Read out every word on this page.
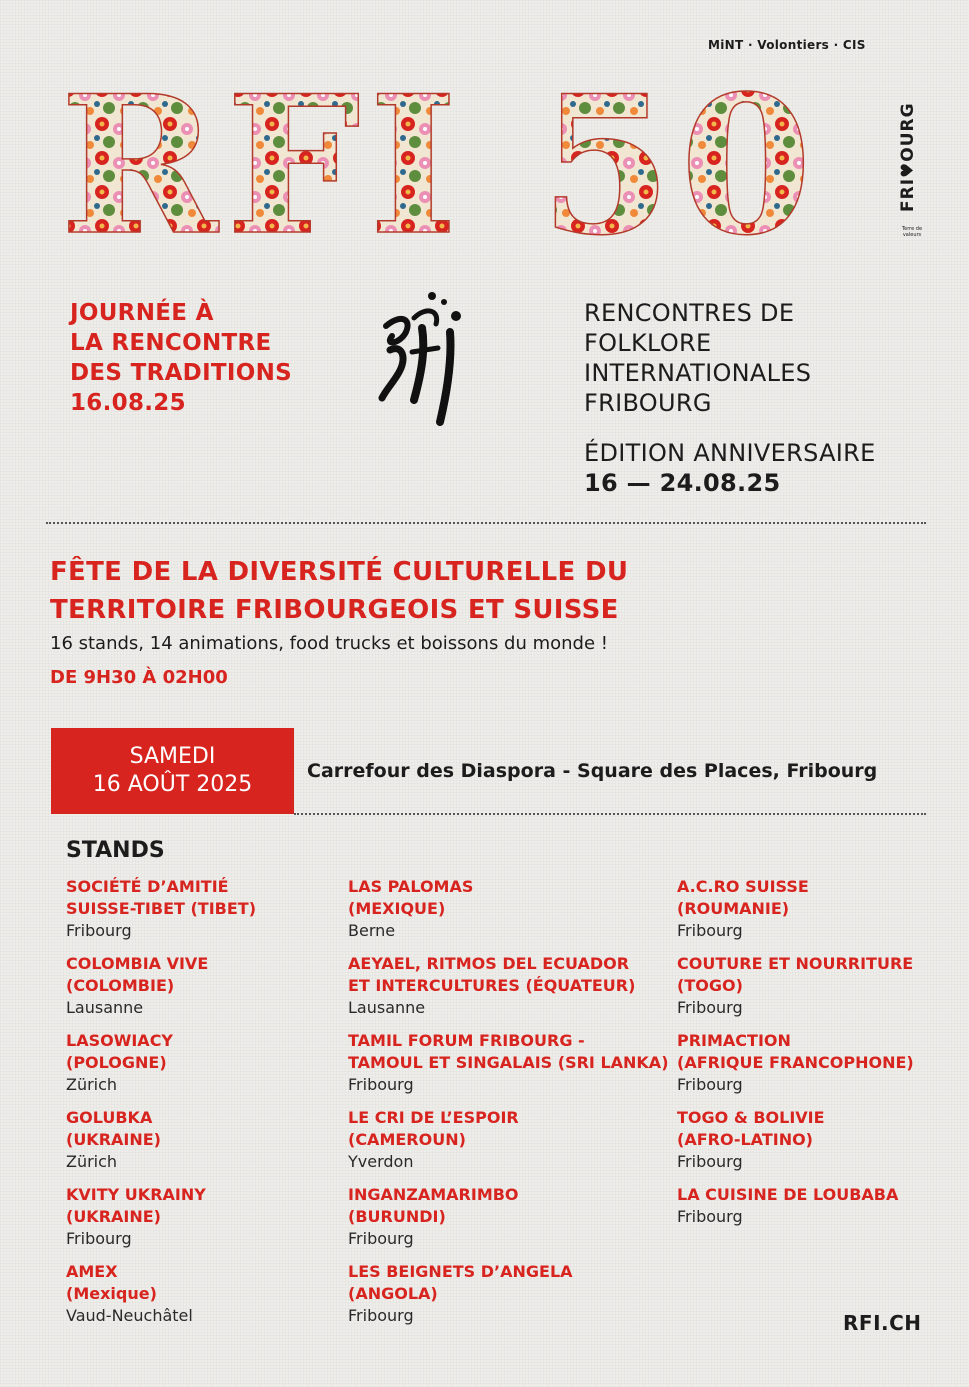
MiNT · Volontiers · CIS
RFI 50	FRI♥OURG
Terre de valeurs
JOURNÉE À
LA RENCONTRE
DES TRADITIONS
16.08.25
RENCONTRES DE
FOLKLORE
INTERNATIONALES
FRIBOURG
ÉDITION ANNIVERSAIRE
16 — 24.08.25
FÊTE DE LA DIVERSITÉ CULTURELLE DU
TERRITOIRE FRIBOURGEOIS ET SUISSE
16 stands, 14 animations, food trucks et boissons du monde !
DE 9H30 À 02H00
SAMEDI
16 AOÛT 2025
Carrefour des Diaspora - Square des Places, Fribourg
STANDS
SOCIÉTÉ D’AMITIÉ
SUISSE-TIBET (TIBET)
Fribourg
COLOMBIA VIVE
(COLOMBIE)
Lausanne
LASOWIACY
(POLOGNE)
Zürich
GOLUBKA
(UKRAINE)
Zürich
KVITY UKRAINY
(UKRAINE)
Fribourg
AMEX
(Mexique)
Vaud-Neuchâtel
LAS PALOMAS
(MEXIQUE)
Berne
AEYAEL, RITMOS DEL ECUADOR
ET INTERCULTURES (ÉQUATEUR)
Lausanne
TAMIL FORUM FRIBOURG -
TAMOUL ET SINGALAIS (SRI LANKA)
Fribourg
LE CRI DE L’ESPOIR
(CAMEROUN)
Yverdon
INGANZAMARIMBO
(BURUNDI)
Fribourg
LES BEIGNETS D’ANGELA
(ANGOLA)
Fribourg
A.C.RO SUISSE
(ROUMANIE)
Fribourg
COUTURE ET NOURRITURE
(TOGO)
Fribourg
PRIMACTION
(AFRIQUE FRANCOPHONE)
Fribourg
TOGO & BOLIVIE
(AFRO-LATINO)
Fribourg
LA CUISINE DE LOUBABA
Fribourg
RFI.CH
